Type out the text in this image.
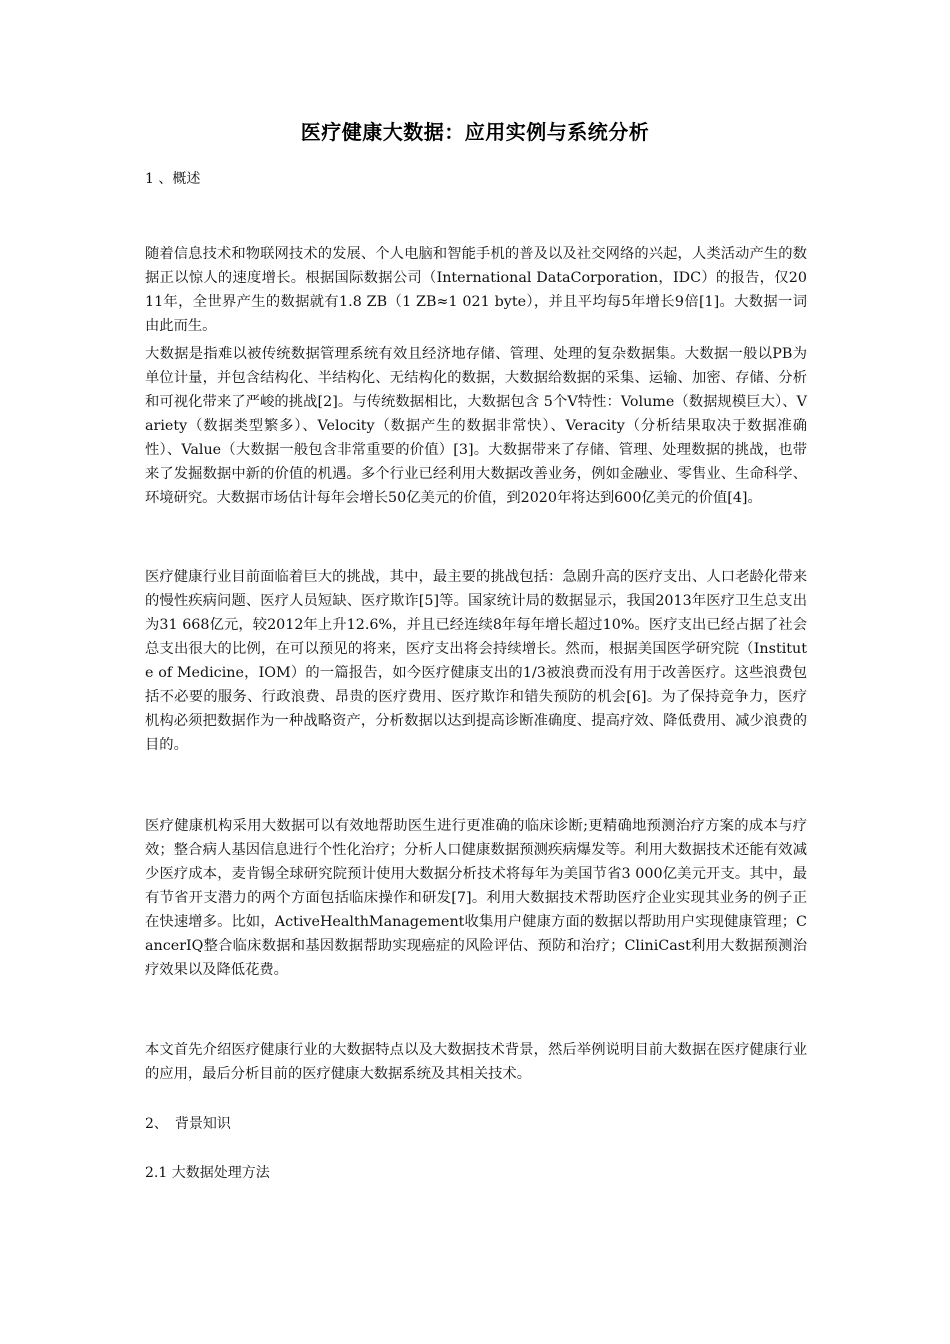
医疗健康大数据：应用实例与系统分析
1 、概述
随着信息技术和物联网技术的发展、个人电脑和智能手机的普及以及社交网络的兴起，人类活动产生的数据正以惊人的速度增长。根据国际数据公司（International DataCorporation，IDC）的报告，仅2011年，全世界产生的数据就有1.8 ZB（1 ZB≈1 021 byte），并且平均每5年增长9倍[1]。大数据一词由此而生。
大数据是指难以被传统数据管理系统有效且经济地存储、管理、处理的复杂数据集。大数据一般以PB为单位计量，并包含结构化、半结构化、无结构化的数据，大数据给数据的采集、运输、加密、存储、分析和可视化带来了严峻的挑战[2]。与传统数据相比，大数据包含 5个V特性：Volume（数据规模巨大）、Variety（数据类型繁多）、Velocity（数据产生的数据非常快）、Veracity（分析结果取决于数据准确性）、Value（大数据一般包含非常重要的价值）[3]。大数据带来了存储、管理、处理数据的挑战，也带来了发掘数据中新的价值的机遇。多个行业已经利用大数据改善业务，例如金融业、零售业、生命科学、环境研究。大数据市场估计每年会增长50亿美元的价值，到2020年将达到600亿美元的价值[4]。
医疗健康行业目前面临着巨大的挑战，其中，最主要的挑战包括：急剧升高的医疗支出、人口老龄化带来的慢性疾病问题、医疗人员短缺、医疗欺诈[5]等。国家统计局的数据显示，我国2013年医疗卫生总支出为31 668亿元，较2012年上升12.6%，并且已经连续8年每年增长超过10%。医疗支出已经占据了社会总支出很大的比例，在可以预见的将来，医疗支出将会持续增长。然而，根据美国医学研究院（Institute of Medicine，IOM）的一篇报告，如今医疗健康支出的1/3被浪费而没有用于改善医疗。这些浪费包括不必要的服务、行政浪费、昂贵的医疗费用、医疗欺诈和错失预防的机会[6]。为了保持竞争力，医疗机构必须把数据作为一种战略资产，分析数据以达到提高诊断准确度、提高疗效、降低费用、减少浪费的目的。
医疗健康机构采用大数据可以有效地帮助医生进行更准确的临床诊断;更精确地预测治疗方案的成本与疗效；整合病人基因信息进行个性化治疗；分析人口健康数据预测疾病爆发等。利用大数据技术还能有效减少医疗成本，麦肯锡全球研究院预计使用大数据分析技术将每年为美国节省3 000亿美元开支。其中，最有节省开支潜力的两个方面包括临床操作和研发[7]。利用大数据技术帮助医疗企业实现其业务的例子正在快速增多。比如，ActiveHealthManagement收集用户健康方面的数据以帮助用户实现健康管理；CancerIQ整合临床数据和基因数据帮助实现癌症的风险评估、预防和治疗；CliniCast利用大数据预测治疗效果以及降低花费。
本文首先介绍医疗健康行业的大数据特点以及大数据技术背景，然后举例说明目前大数据在医疗健康行业的应用，最后分析目前的医疗健康大数据系统及其相关技术。
2、　背景知识
2.1 大数据处理方法
